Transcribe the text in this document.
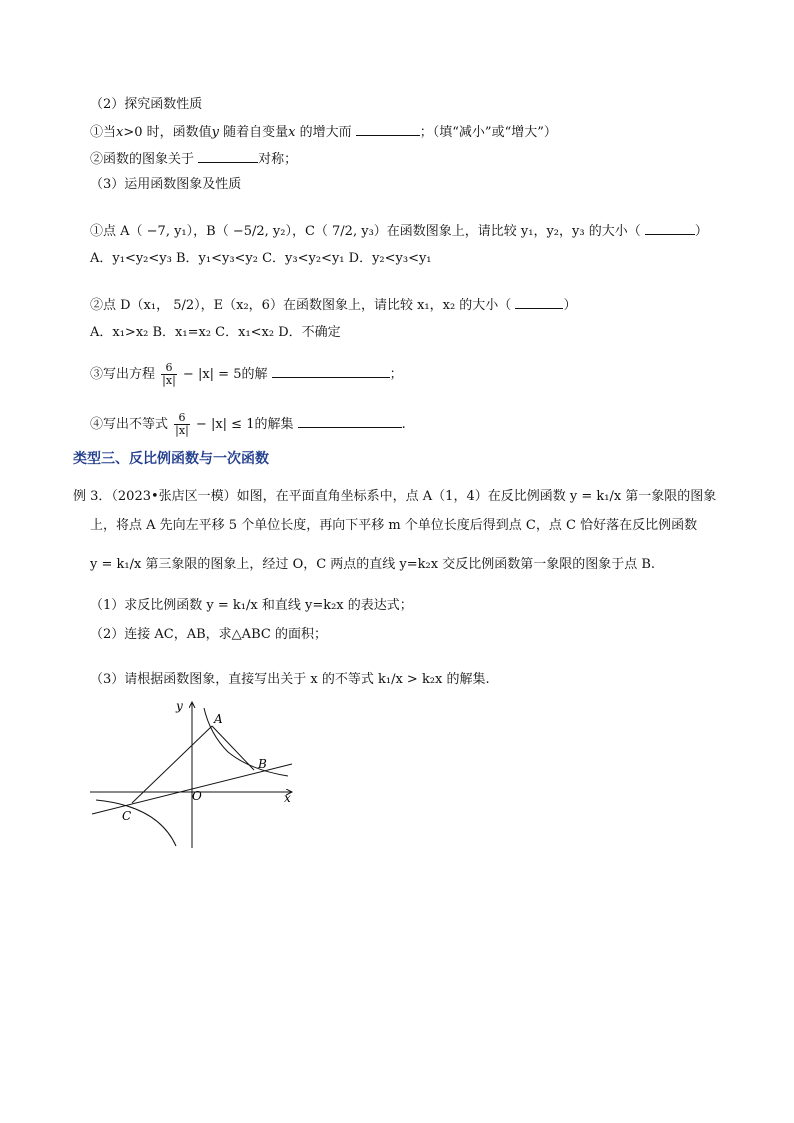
（2）探究函数性质
①当x>0 时，函数值y 随着自变量x 的增大而	；（填“减小”或“增大”）
②函数的图象关于	对称；
（3）运用函数图象及性质
①点 A（ −7, y₁），B（ −5/2, y₂），C（ 7/2, y₃）在函数图象上，请比较 y₁，y₂，y₃ 的大小（	）
A．y₁<y₂<y₃ B．y₁<y₃<y₂ C．y₃<y₂<y₁ D．y₂<y₃<y₁
②点 D（x₁， 5/2），E（x₂，6）在函数图象上，请比较 x₁，x₂ 的大小（	）
A．x₁>x₂ B．x₁=x₂ C．x₁<x₂ D．不确定
③写出方程 $\frac{6}{|x|} - |x| = 5$的解	；
④写出不等式 $\frac{6}{|x|} - |x| \le 1$的解集	.
类型三、反比例函数与一次函数
例 3．（2023•张店区一模）如图，在平面直角坐标系中，点 A（1，4）在反比例函数 y = k₁/x 第一象限的图象
上，将点 A 先向左平移 5 个单位长度，再向下平移 m 个单位长度后得到点 C，点 C 恰好落在反比例函数
y = k₁/x 第三象限的图象上，经过 O，C 两点的直线 y=k₂x 交反比例函数第一象限的图象于点 B.
（1）求反比例函数 y = k₁/x 和直线 y=k₂x 的表达式；
（2）连接 AC，AB，求△ABC 的面积；
（3）请根据函数图象，直接写出关于 x 的不等式 k₁/x > k₂x 的解集.
y
x
O
A
B
C
